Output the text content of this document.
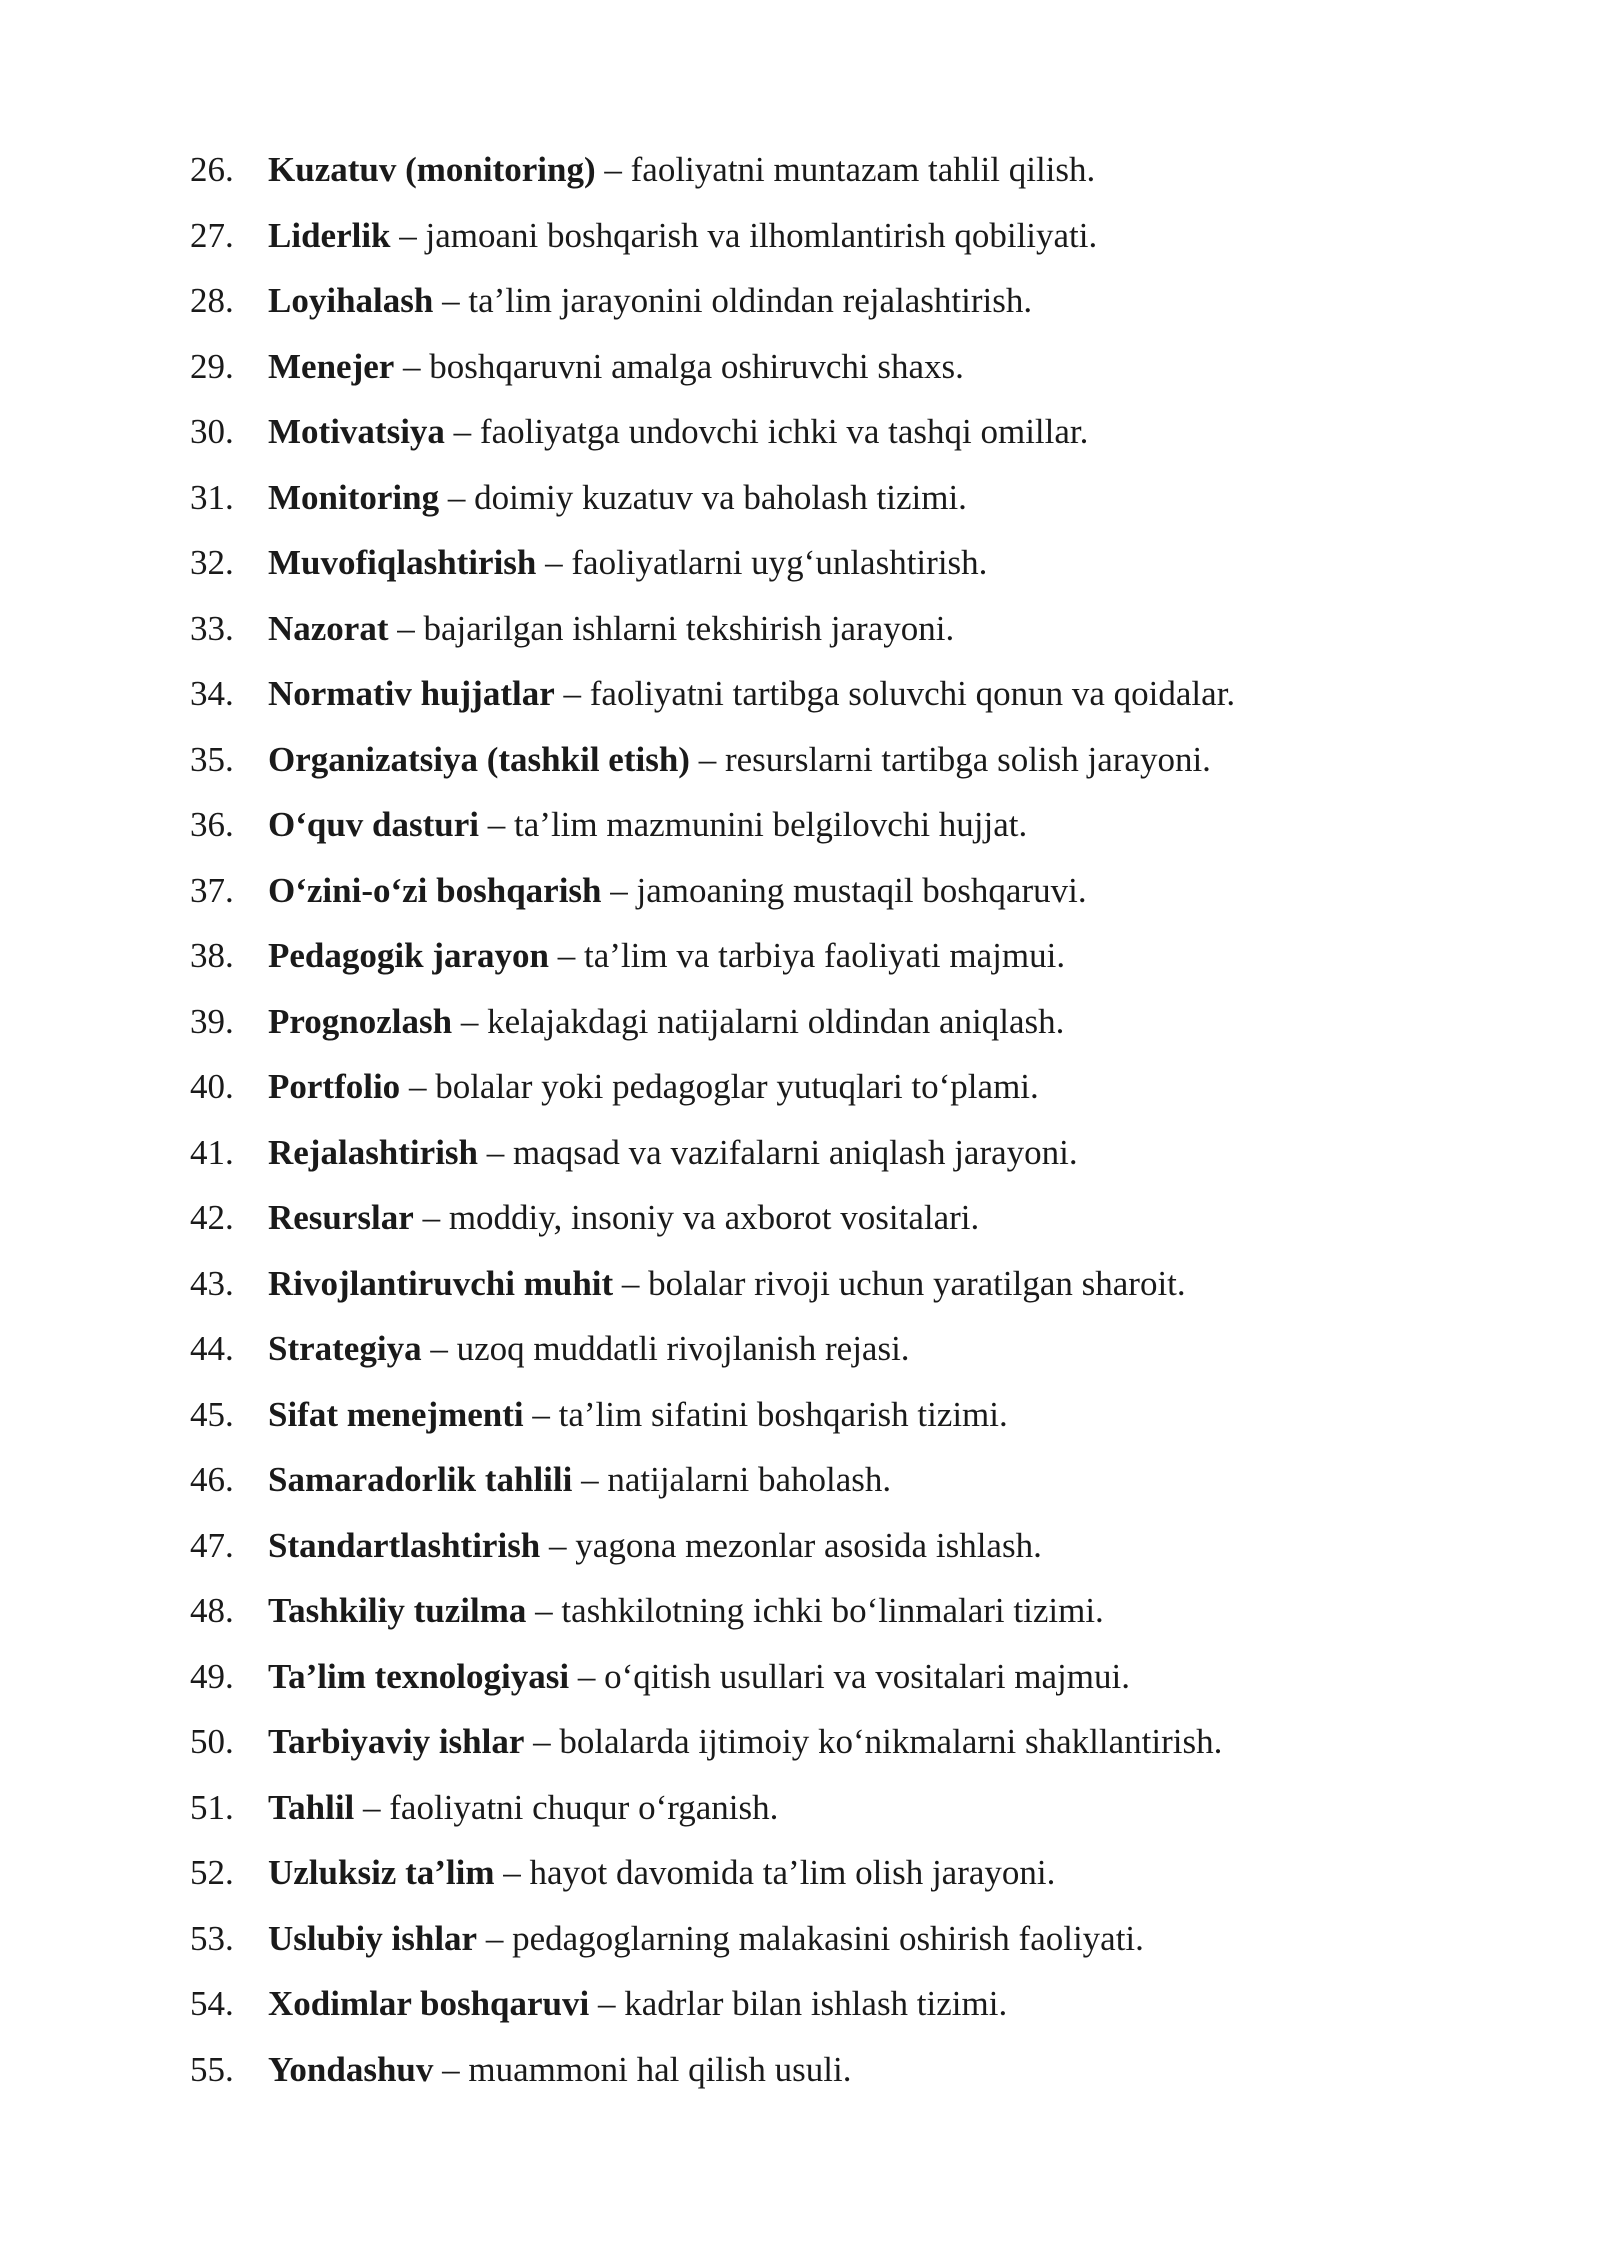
26. Kuzatuv (monitoring) – faoliyatni muntazam tahlil qilish.
27. Liderlik – jamoani boshqarish va ilhomlantirish qobiliyati.
28. Loyihalash – ta’lim jarayonini oldindan rejalashtirish.
29. Menejer – boshqaruvni amalga oshiruvchi shaxs.
30. Motivatsiya – faoliyatga undovchi ichki va tashqi omillar.
31. Monitoring – doimiy kuzatuv va baholash tizimi.
32. Muvofiqlashtirish – faoliyatlarni uyg‘unlashtirish.
33. Nazorat – bajarilgan ishlarni tekshirish jarayoni.
34. Normativ hujjatlar – faoliyatni tartibga soluvchi qonun va qoidalar.
35. Organizatsiya (tashkil etish) – resurslarni tartibga solish jarayoni.
36. O‘quv dasturi – ta’lim mazmunini belgilovchi hujjat.
37. O‘zini-o‘zi boshqarish – jamoaning mustaqil boshqaruvi.
38. Pedagogik jarayon – ta’lim va tarbiya faoliyati majmui.
39. Prognozlash – kelajakdagi natijalarni oldindan aniqlash.
40. Portfolio – bolalar yoki pedagoglar yutuqlari to‘plami.
41. Rejalashtirish – maqsad va vazifalarni aniqlash jarayoni.
42. Resurslar – moddiy, insoniy va axborot vositalari.
43. Rivojlantiruvchi muhit – bolalar rivoji uchun yaratilgan sharoit.
44. Strategiya – uzoq muddatli rivojlanish rejasi.
45. Sifat menejmenti – ta’lim sifatini boshqarish tizimi.
46. Samaradorlik tahlili – natijalarni baholash.
47. Standartlashtirish – yagona mezonlar asosida ishlash.
48. Tashkiliy tuzilma – tashkilotning ichki bo‘linmalari tizimi.
49. Ta’lim texnologiyasi – o‘qitish usullari va vositalari majmui.
50. Tarbiyaviy ishlar – bolalarda ijtimoiy ko‘nikmalarni shakllantirish.
51. Tahlil – faoliyatni chuqur o‘rganish.
52. Uzluksiz ta’lim – hayot davomida ta’lim olish jarayoni.
53. Uslubiy ishlar – pedagoglarning malakasini oshirish faoliyati.
54. Xodimlar boshqaruvi – kadrlar bilan ishlash tizimi.
55. Yondashuv – muammoni hal qilish usuli.
